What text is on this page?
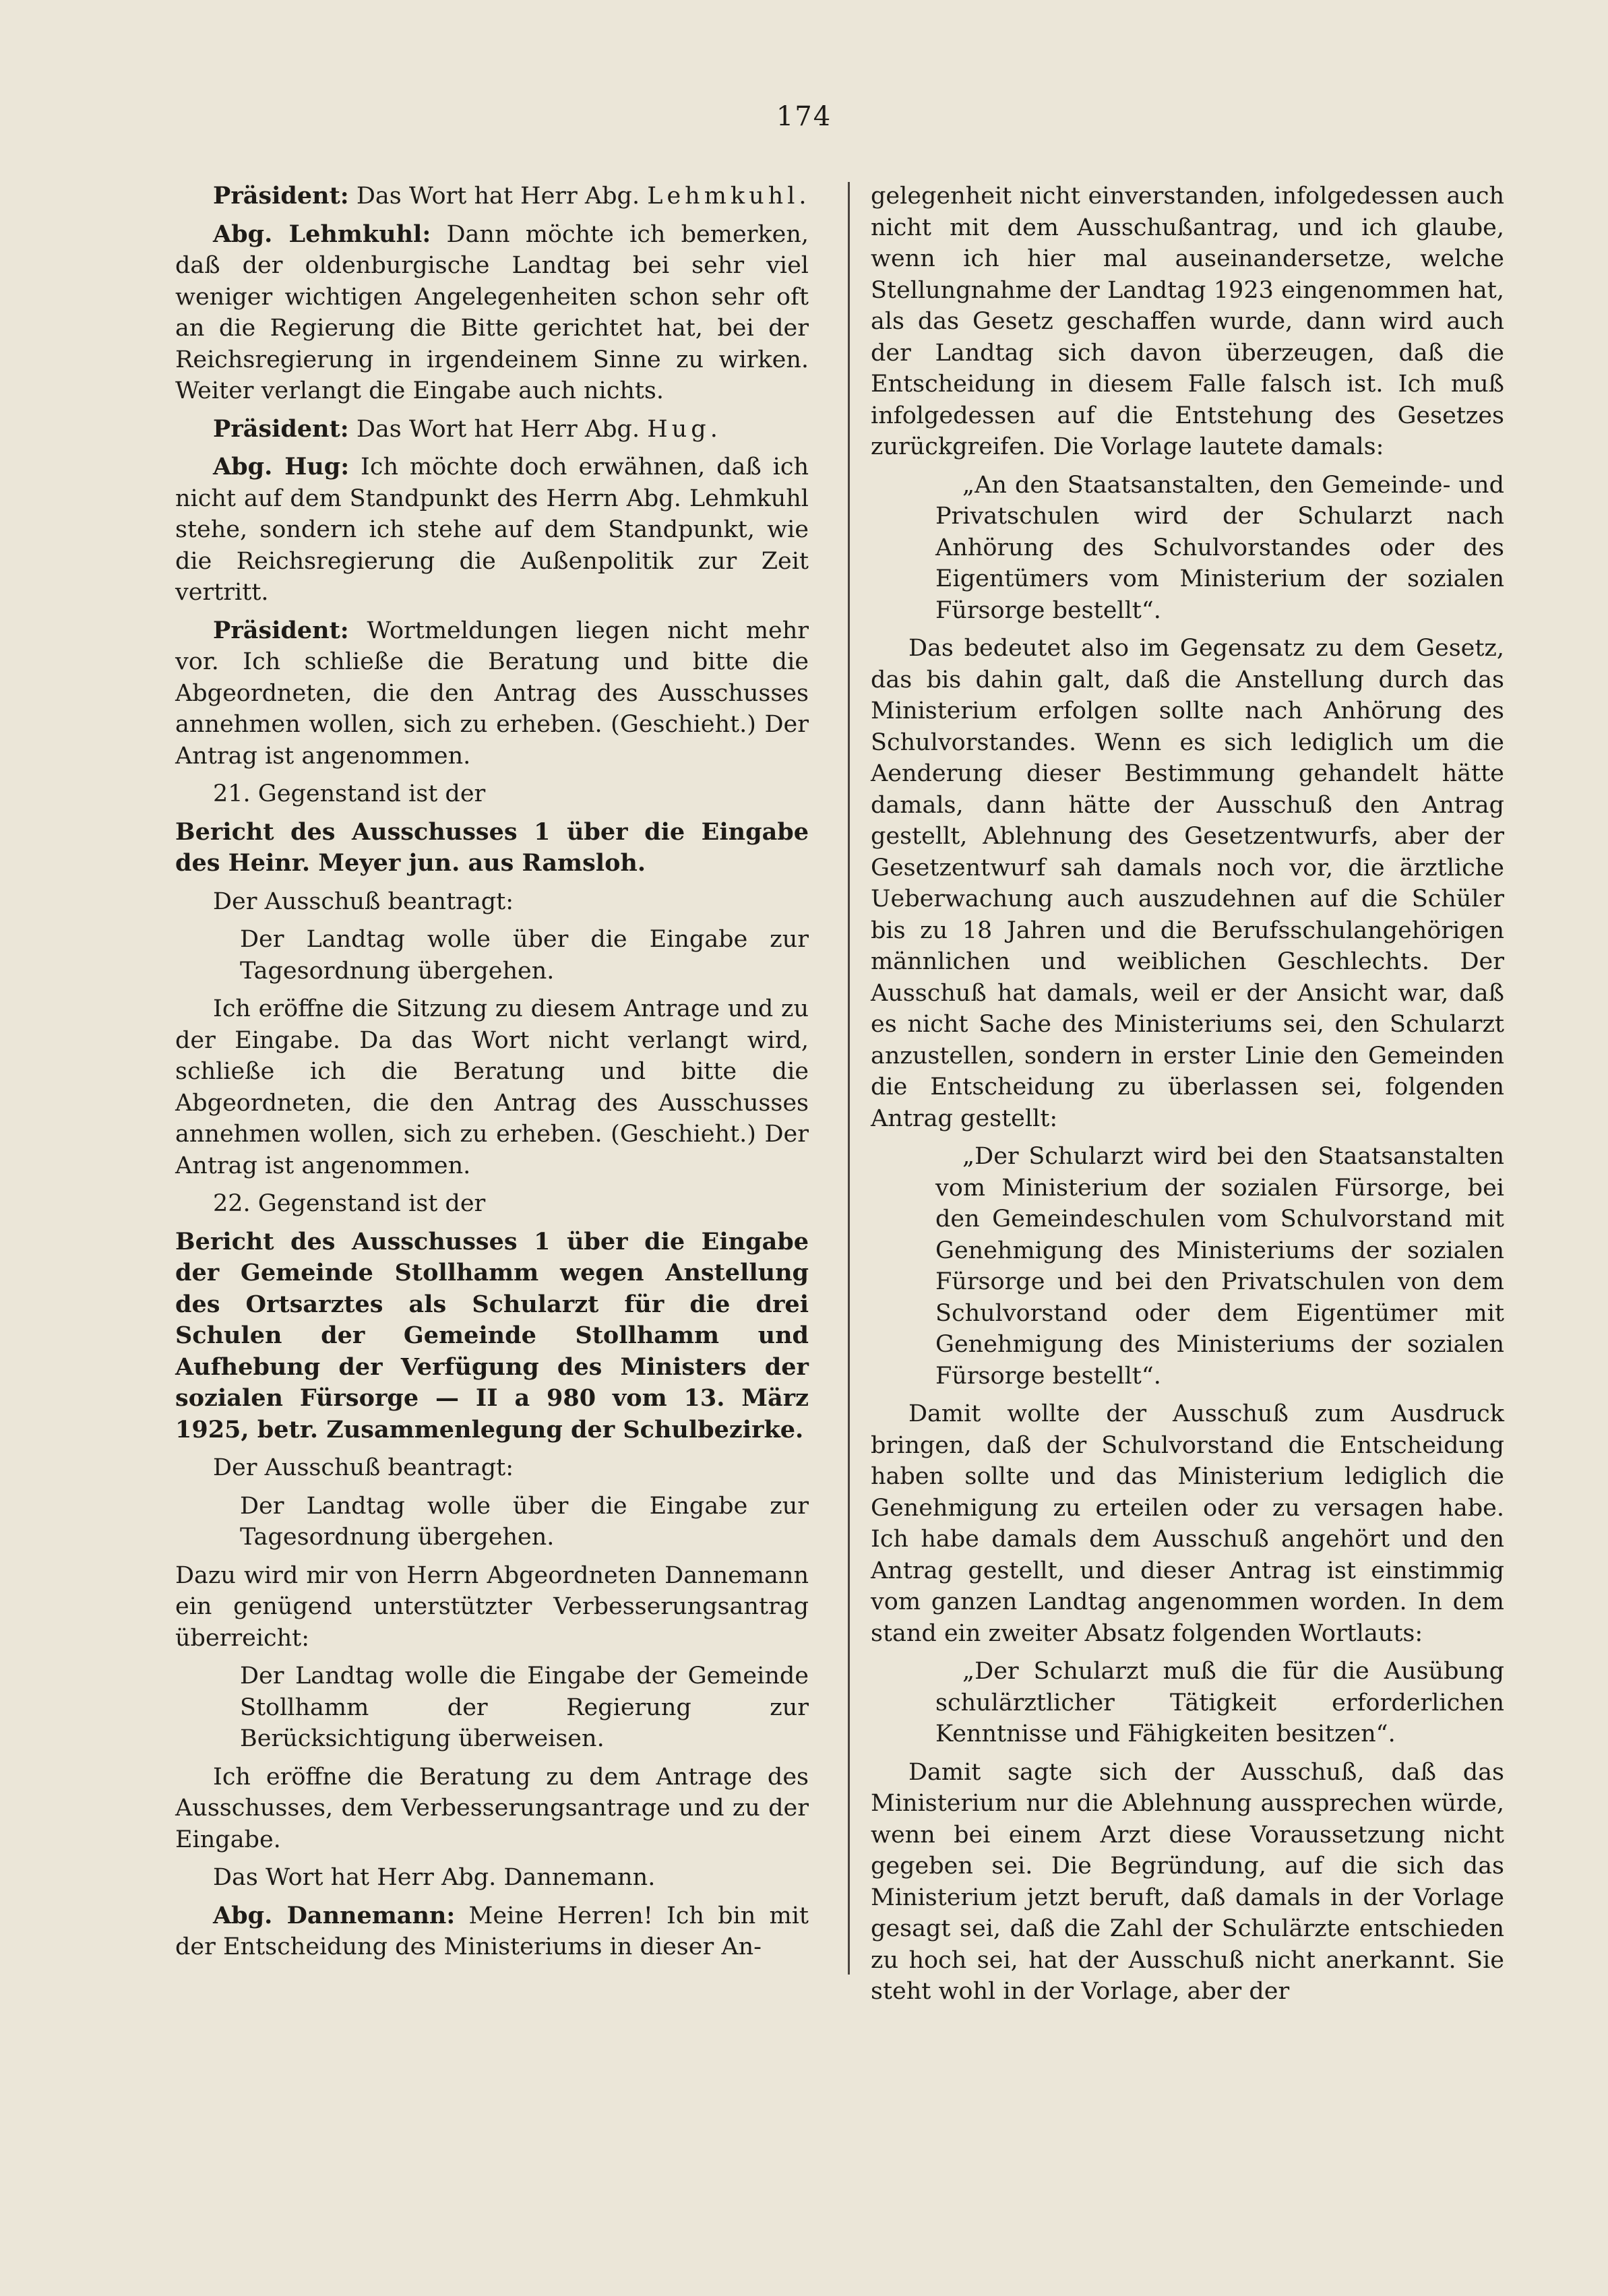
174

Präsident: Das Wort hat Herr Abg. Lehmkuhl.

Abg. Lehmkuhl: Dann möchte ich bemerken, daß der oldenburgische Landtag bei sehr viel weniger wichtigen Angelegenheiten schon sehr oft an die Regierung die Bitte gerichtet hat, bei der Reichsregierung in irgendeinem Sinne zu wirken. Weiter verlangt die Eingabe auch nichts.

Präsident: Das Wort hat Herr Abg. Hug.

Abg. Hug: Ich möchte doch erwähnen, daß ich nicht auf dem Standpunkt des Herrn Abg. Lehmkuhl stehe, sondern ich stehe auf dem Standpunkt, wie die Reichsregierung die Außenpolitik zur Zeit vertritt.

Präsident: Wortmeldungen liegen nicht mehr vor. Ich schließe die Beratung und bitte die Abgeordneten, die den Antrag des Ausschusses annehmen wollen, sich zu erheben. (Geschieht.) Der Antrag ist angenommen.

21. Gegenstand ist der

Bericht des Ausschusses 1 über die Eingabe des Heinr. Meyer jun. aus Ramsloh.

Der Ausschuß beantragt:

Der Landtag wolle über die Eingabe zur Tagesordnung übergehen.

Ich eröffne die Sitzung zu diesem Antrage und zu der Eingabe. Da das Wort nicht verlangt wird, schließe ich die Beratung und bitte die Abgeordneten, die den Antrag des Ausschusses annehmen wollen, sich zu erheben. (Geschieht.) Der Antrag ist angenommen.

22. Gegenstand ist der

Bericht des Ausschusses 1 über die Eingabe der Gemeinde Stollhamm wegen Anstellung des Ortsarztes als Schularzt für die drei Schulen der Gemeinde Stollhamm und Aufhebung der Verfügung des Ministers der sozialen Fürsorge — II a 980 vom 13. März 1925, betr. Zusammenlegung der Schulbezirke.

Der Ausschuß beantragt:

Der Landtag wolle über die Eingabe zur Tagesordnung übergehen.

Dazu wird mir von Herrn Abgeordneten Dannemann ein genügend unterstützter Verbesserungsantrag überreicht:

Der Landtag wolle die Eingabe der Gemeinde Stollhamm der Regierung zur Berücksichtigung überweisen.

Ich eröffne die Beratung zu dem Antrage des Ausschusses, dem Verbesserungsantrage und zu der Eingabe.

Das Wort hat Herr Abg. Dannemann.

Abg. Dannemann: Meine Herren! Ich bin mit der Entscheidung des Ministeriums in dieser An-

gelegenheit nicht einverstanden, infolgedessen auch nicht mit dem Ausschußantrag, und ich glaube, wenn ich hier mal auseinandersetze, welche Stellungnahme der Landtag 1923 eingenommen hat, als das Gesetz geschaffen wurde, dann wird auch der Landtag sich davon überzeugen, daß die Entscheidung in diesem Falle falsch ist. Ich muß infolgedessen auf die Entstehung des Gesetzes zurückgreifen. Die Vorlage lautete damals:

„An den Staatsanstalten, den Gemeinde- und Privatschulen wird der Schularzt nach Anhörung des Schulvorstandes oder des Eigentümers vom Ministerium der sozialen Fürsorge bestellt“.

Das bedeutet also im Gegensatz zu dem Gesetz, das bis dahin galt, daß die Anstellung durch das Ministerium erfolgen sollte nach Anhörung des Schulvorstandes. Wenn es sich lediglich um die Aenderung dieser Bestimmung gehandelt hätte damals, dann hätte der Ausschuß den Antrag gestellt, Ablehnung des Gesetzentwurfs, aber der Gesetzentwurf sah damals noch vor, die ärztliche Ueberwachung auch auszudehnen auf die Schüler bis zu 18 Jahren und die Berufsschulangehörigen männlichen und weiblichen Geschlechts. Der Ausschuß hat damals, weil er der Ansicht war, daß es nicht Sache des Ministeriums sei, den Schularzt anzustellen, sondern in erster Linie den Gemeinden die Entscheidung zu überlassen sei, folgenden Antrag gestellt:

„Der Schularzt wird bei den Staatsanstalten vom Ministerium der sozialen Fürsorge, bei den Gemeindeschulen vom Schulvorstand mit Genehmigung des Ministeriums der sozialen Fürsorge und bei den Privatschulen von dem Schulvorstand oder dem Eigentümer mit Genehmigung des Ministeriums der sozialen Fürsorge bestellt“.

Damit wollte der Ausschuß zum Ausdruck bringen, daß der Schulvorstand die Entscheidung haben sollte und das Ministerium lediglich die Genehmigung zu erteilen oder zu versagen habe. Ich habe damals dem Ausschuß angehört und den Antrag gestellt, und dieser Antrag ist einstimmig vom ganzen Landtag angenommen worden. In dem stand ein zweiter Absatz folgenden Wortlauts:

„Der Schularzt muß die für die Ausübung schulärztlicher Tätigkeit erforderlichen Kenntnisse und Fähigkeiten besitzen“.

Damit sagte sich der Ausschuß, daß das Ministerium nur die Ablehnung aussprechen würde, wenn bei einem Arzt diese Voraussetzung nicht gegeben sei. Die Begründung, auf die sich das Ministerium jetzt beruft, daß damals in der Vorlage gesagt sei, daß die Zahl der Schulärzte entschieden zu hoch sei, hat der Ausschuß nicht anerkannt. Sie steht wohl in der Vorlage, aber der
